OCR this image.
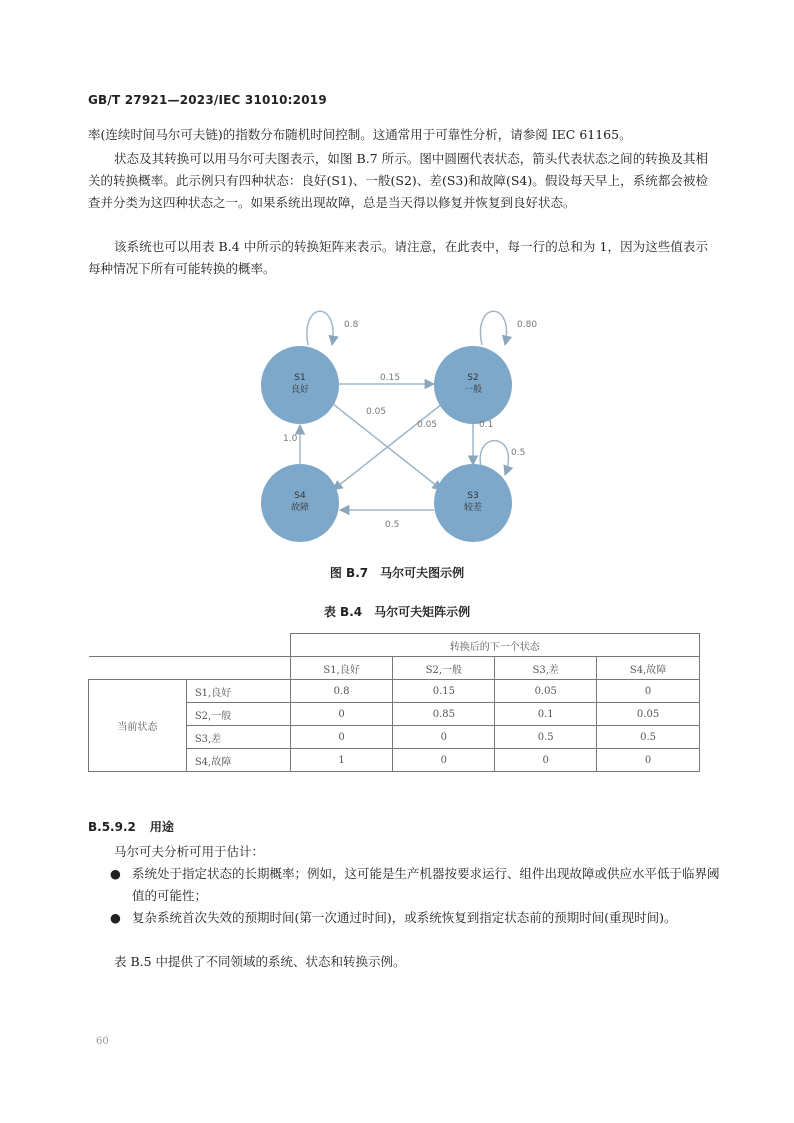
GB/T 27921—2023/IEC 31010:2019
率(连续时间马尔可夫链)的指数分布随机时间控制。这通常用于可靠性分析，请参阅 IEC 61165。
状态及其转换可以用马尔可夫图表示，如图 B.7 所示。图中圆圈代表状态，箭头代表状态之间的转换及其相关的转换概率。此示例只有四种状态：良好(S1)、一般(S2)、差(S3)和故障(S4)。假设每天早上，系统都会被检查并分类为这四种状态之一。如果系统出现故障，总是当天得以修复并恢复到良好状态。
该系统也可以用表 B.4 中所示的转换矩阵来表示。请注意，在此表中，每一行的总和为 1，因为这些值表示每种情况下所有可能转换的概率。
S1
良好
S2
一般
S3
较差
S4
故障
0.8	0.80
0.5
0.15
0.05
0.05	0.1
0.5
1.0
图 B.7　马尔可夫图示例
表 B.4　马尔可夫矩阵示例
		转换后的下一个状态			
		S1,良好	S2,一般	S3,差	S4,故障
当前状态	S1,良好	0.8	0.15	0.05	0
	S2,一般	0	0.85	0.1	0.05
	S3,差	0	0	0.5	0.5
	S4,故障	1	0	0	0
B.5.9.2 用途
马尔可夫分析可用于估计：
● 系统处于指定状态的长期概率；例如，这可能是生产机器按要求运行、组件出现故障或供应水平低于临界阈值的可能性；
● 复杂系统首次失效的预期时间(第一次通过时间)，或系统恢复到指定状态前的预期时间(重现时间)。
表 B.5 中提供了不同领域的系统、状态和转换示例。
60
